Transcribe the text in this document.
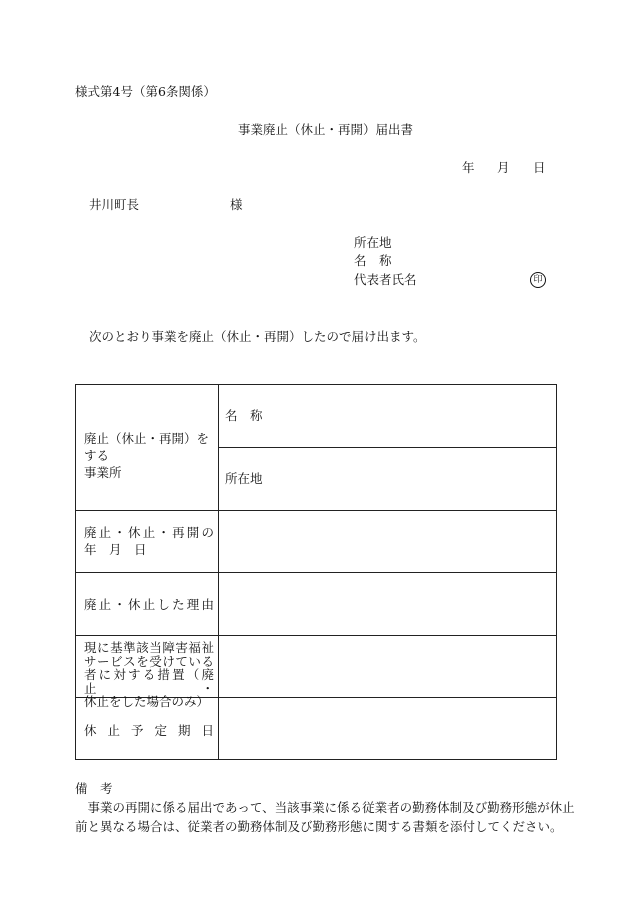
様式第4号（第6条関係）
事業廃止（休止・再開）届出書
年 月 日
井川町長	様
所在地
名　称
代表者氏名	印
次のとおり事業を廃止（休止・再開）したので届け出ます。
廃止（休止・再開）をする
事業所
名　称
所在地
廃止・休止・再開の
年　月　日
廃止・休止した理由
現に基準該当障害福祉
サービスを受けている
者に対する措置（廃止・
休止をした場合のみ）
休止予定期日
備　考
　事業の再開に係る届出であって、当該事業に係る従業者の勤務体制及び勤務形態が休止
前と異なる場合は、従業者の勤務体制及び勤務形態に関する書類を添付してください。
